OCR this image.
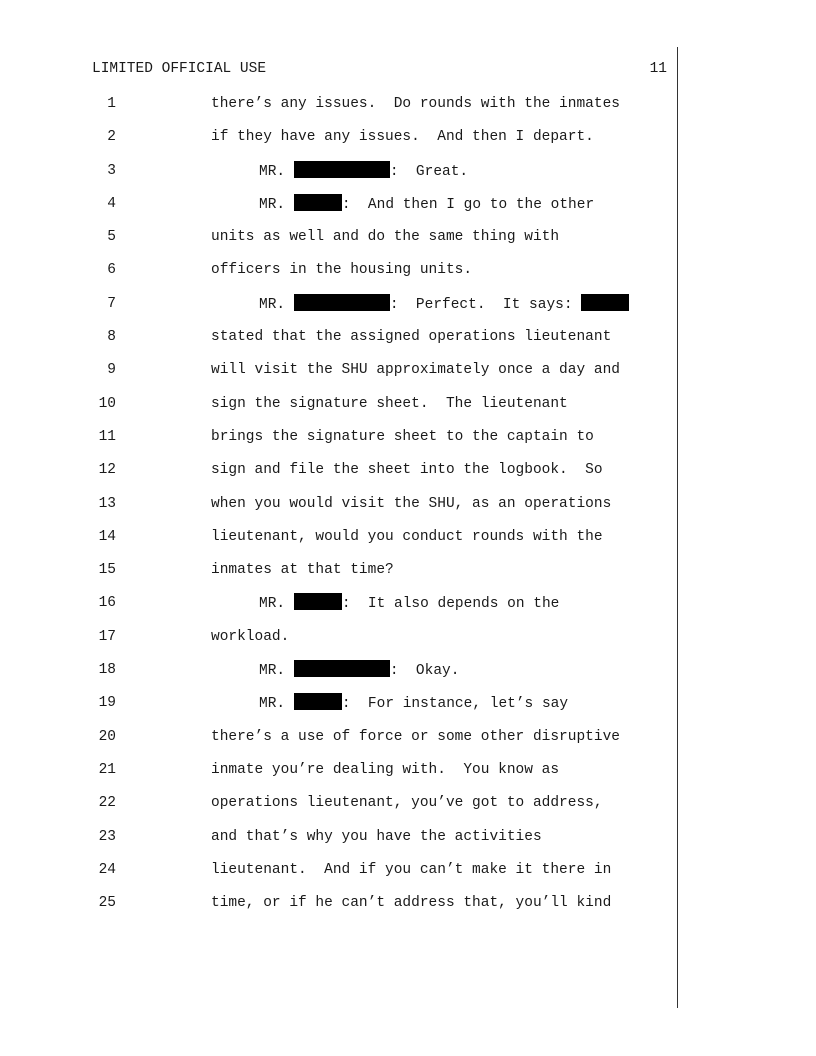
LIMITED OFFICIAL USE	11
1	there’s any issues.  Do rounds with the inmates
2	if they have any issues.  And then I depart.
3	MR.	:  Great.
4	MR.	:  And then I go to the other
5	units as well and do the same thing with
6	officers in the housing units.
7	MR.	:  Perfect.  It says:
8	stated that the assigned operations lieutenant
9	will visit the SHU approximately once a day and
10	sign the signature sheet.  The lieutenant
11	brings the signature sheet to the captain to
12	sign and file the sheet into the logbook.  So
13	when you would visit the SHU, as an operations
14	lieutenant, would you conduct rounds with the
15	inmates at that time?
16	MR.	:  It also depends on the
17	workload.
18	MR.	:  Okay.
19	MR.	:  For instance, let’s say
20	there’s a use of force or some other disruptive
21	inmate you’re dealing with.  You know as
22	operations lieutenant, you’ve got to address,
23	and that’s why you have the activities
24	lieutenant.  And if you can’t make it there in
25	time, or if he can’t address that, you’ll kind
